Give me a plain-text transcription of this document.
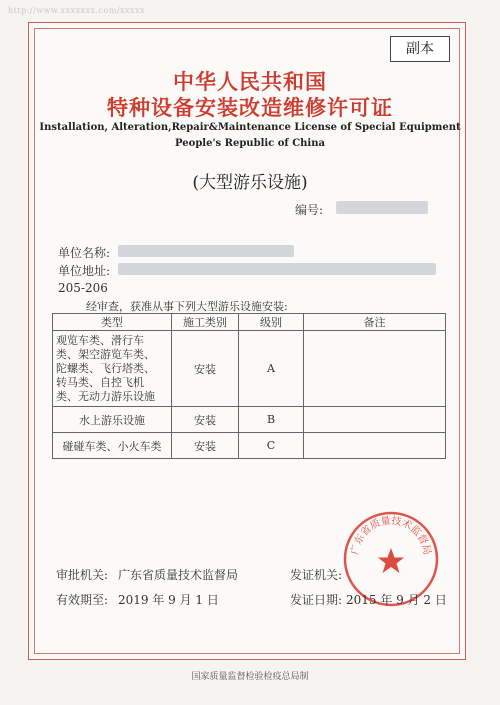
http://www.xxxxxxx.com/xxxxx
副本
中华人民共和国
特种设备安装改造维修许可证
Installation, Alteration,Repair&Maintenance License of Special Equipment
People's Republic of China
(大型游乐设施)
编号:
单位名称:
单位地址:
205-206
经审查，获准从事下列大型游乐设施安装:
类型	施工类别	级别	备注

观览车类、滑行车
类、架空游览车类、
陀螺类、飞行塔类、
转马类、自控飞机
类、无动力游乐设施	安装	A	
水上游乐设施	安装	B	
碰碰车类、小火车类	安装	C	
广东省质量技术监督局
审批机关: 广东省质量技术监督局	发证机关:
有效期至: 2019 年 9 月 1 日	发证日期: 2015 年 9 月 2 日
国家质量监督检验检疫总局制
